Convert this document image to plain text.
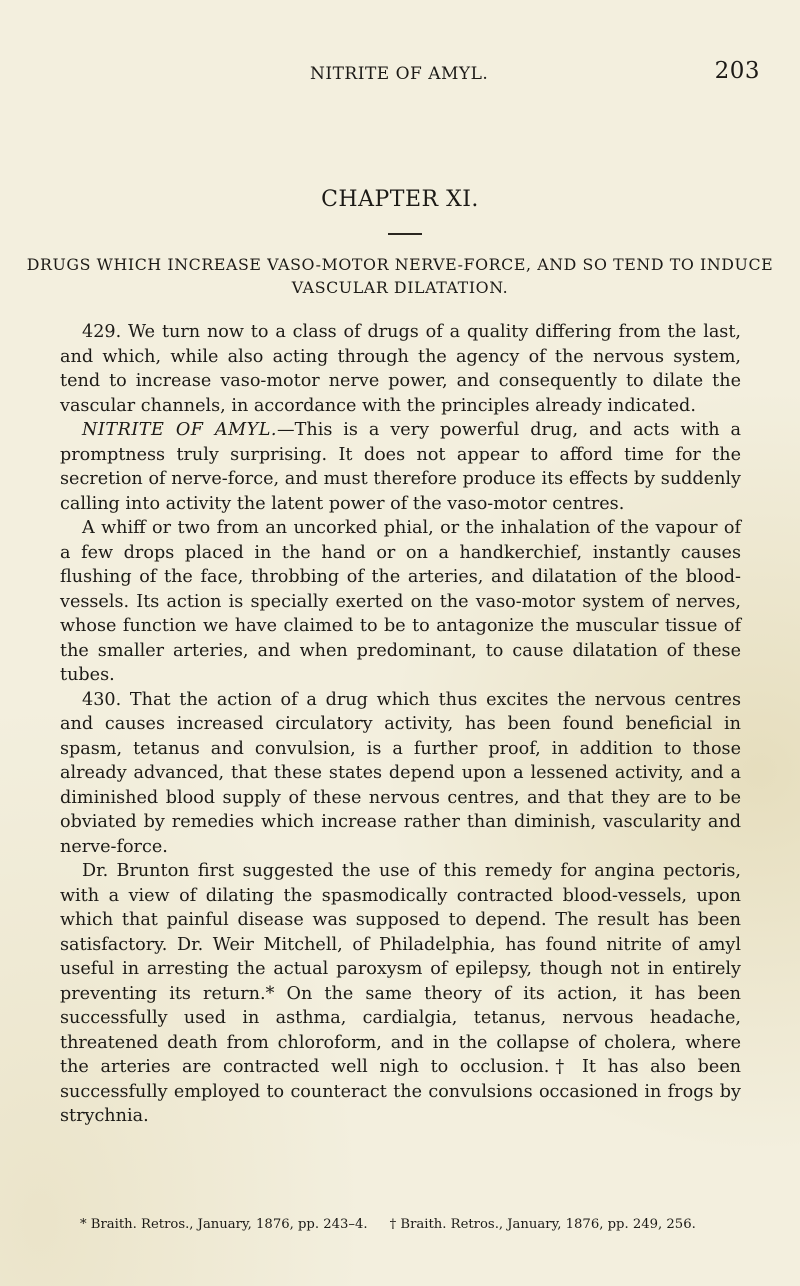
NITRITE OF AMYL.	203
CHAPTER XI.

DRUGS WHICH INCREASE VASO-MOTOR NERVE-FORCE, AND SO TEND TO INDUCE VASCULAR DILATATION.

429. We turn now to a class of drugs of a quality differing from the last, and which, while also acting through the agency of the nervous system, tend to increase vaso-motor nerve power, and consequently to dilate the vascular channels, in accordance with the principles already indicated.

NITRITE OF AMYL.—This is a very powerful drug, and acts with a promptness truly surprising. It does not appear to afford time for the secretion of nerve-force, and must therefore produce its effects by suddenly calling into activity the latent power of the vaso-motor centres.

A whiff or two from an uncorked phial, or the inhalation of the vapour of a few drops placed in the hand or on a handkerchief, instantly causes flushing of the face, throbbing of the arteries, and dilatation of the blood-vessels. Its action is specially exerted on the vaso-motor system of nerves, whose function we have claimed to be to antagonize the muscular tissue of the smaller arteries, and when predominant, to cause dilatation of these tubes.

430. That the action of a drug which thus excites the nervous centres and causes increased circulatory activity, has been found beneficial in spasm, tetanus and convulsion, is a further proof, in addition to those already advanced, that these states depend upon a lessened activity, and a diminished blood supply of these nervous centres, and that they are to be obviated by remedies which increase rather than diminish, vascularity and nerve-force.

Dr. Brunton first suggested the use of this remedy for angina pectoris, with a view of dilating the spasmodically contracted blood-vessels, upon which that painful disease was supposed to depend. The result has been satisfactory. Dr. Weir Mitchell, of Philadelphia, has found nitrite of amyl useful in arresting the actual paroxysm of epilepsy, though not in entirely preventing its return.* On the same theory of its action, it has been successfully used in asthma, cardialgia, tetanus, nervous headache, threatened death from chloroform, and in the collapse of cholera, where the arteries are contracted well nigh to occlusion.† It has also been successfully employed to counteract the convulsions occasioned in frogs by strychnia.

* Braith. Retros., January, 1876, pp. 243–4. † Braith. Retros., January, 1876, pp. 249, 256.
